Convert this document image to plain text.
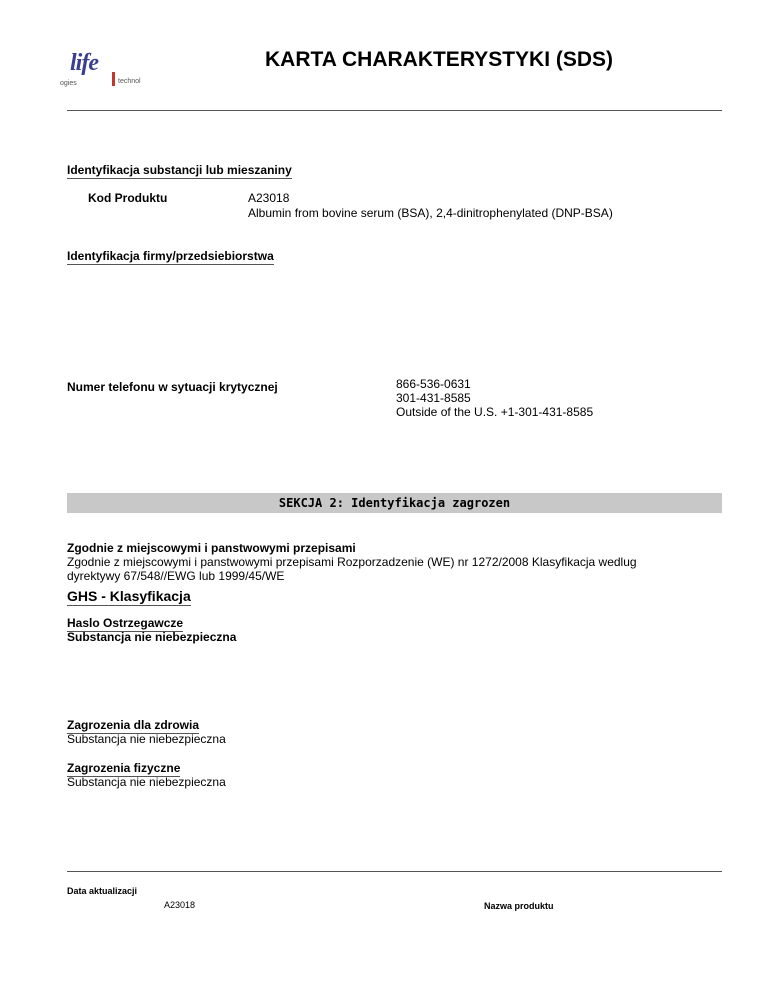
life
ogies	technol
KARTA CHARAKTERYSTYKI (SDS)
Identyfikacja substancji lub mieszaniny
Kod Produktu	A23018
Albumin from bovine serum (BSA), 2,4-dinitrophenylated (DNP-BSA)
Identyfikacja firmy/przedsiebiorstwa
Numer telefonu w sytuacji krytycznej	866-536-0631
301-431-8585
Outside of the U.S. +1-301-431-8585
SEKCJA 2: Identyfikacja zagrozen
Zgodnie z miejscowymi i panstwowymi przepisami
Zgodnie z miejscowymi i panstwowymi przepisami Rozporzadzenie (WE) nr 1272/2008 Klasyfikacja wedlug
dyrektywy 67/548//EWG lub 1999/45/WE
GHS - Klasyfikacja
Haslo Ostrzegawcze
Substancja nie niebezpieczna
Zagrozenia dla zdrowia
Substancja nie niebezpieczna
Zagrozenia fizyczne
Substancja nie niebezpieczna
Data aktualizacji
A23018	Nazwa produktu
